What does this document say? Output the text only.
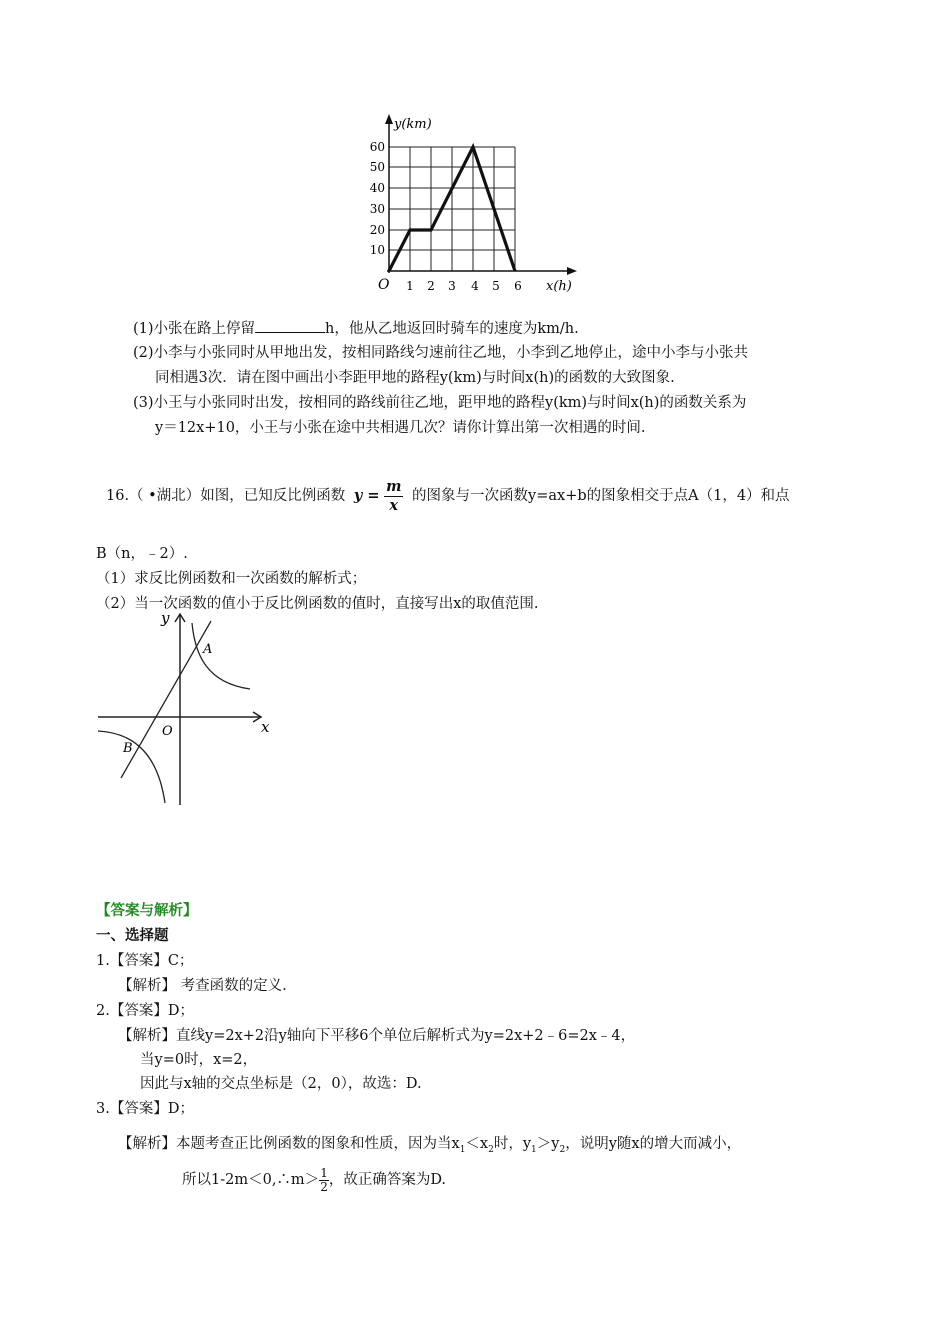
y(km)
60
50
40
30
20
10
O 1 2 3 4 5 6 x(h)
(1)小张在路上停留	h，他从乙地返回时骑车的速度为km/h.
(2)小李与小张同时从甲地出发，按相同路线匀速前往乙地，小李到乙地停止，途中小李与小张共
同相遇3次．请在图中画出小李距甲地的路程y(km)与时间x(h)的函数的大致图象.
(3)小王与小张同时出发，按相同的路线前往乙地，距甲地的路程y(km)与时间x(h)的函数关系为
y＝12x+10，小王与小张在途中共相遇几次？请你计算出第一次相遇的时间.
16.（ •湖北）如图，已知反比例函数 $y = \frac{m}{x}$ 的图象与一次函数y=ax+b的图象相交于点A（1，4）和点
B（n，﹣2）.
（1）求反比例函数和一次函数的解析式；
（2）当一次函数的值小于反比例函数的值时，直接写出x的取值范围.
y
x
O
A
B
【答案与解析】
一、选择题
1.【答案】C；
【解析】 考查函数的定义.
2.【答案】D；
【解析】直线y=2x+2沿y轴向下平移6个单位后解析式为y=2x+2﹣6=2x﹣4，
当y=0时，x=2，
因此与x轴的交点坐标是（2，0），故选：D.
3.【答案】D；
【解析】本题考查正比例函数的图象和性质，因为当$x_1<x_2$时，$y_1>y_2$，说明y随x的增大而减小，
所以1-2m＜0,∴m＞ $\frac{1}{2}$ ，故正确答案为D.
